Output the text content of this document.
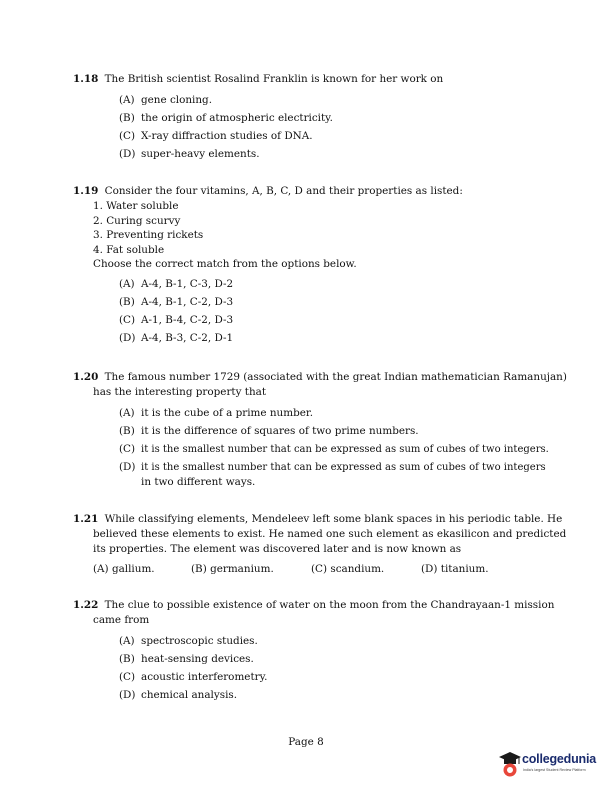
1.18 The British scientist Rosalind Franklin is known for her work on
(A) gene cloning.
(B) the origin of atmospheric electricity.
(C) X-ray diffraction studies of DNA.
(D) super-heavy elements.
1.19 Consider the four vitamins, A, B, C, D and their properties as listed:
1. Water soluble
2. Curing scurvy
3. Preventing rickets
4. Fat soluble
Choose the correct match from the options below.
(A) A-4, B-1, C-3, D-2
(B) A-4, B-1, C-2, D-3
(C) A-1, B-4, C-2, D-3
(D) A-4, B-3, C-2, D-1
1.20 The famous number 1729 (associated with the great Indian mathematician Ramanujan)
has the interesting property that
(A) it is the cube of a prime number.
(B) it is the difference of squares of two prime numbers.
(C) it is the smallest number that can be expressed as sum of cubes of two integers.
(D) it is the smallest number that can be expressed as sum of cubes of two integers
in two different ways.
1.21 While classifying elements, Mendeleev left some blank spaces in his periodic table. He
believed these elements to exist. He named one such element as ekasilicon and predicted
its properties. The element was discovered later and is now known as
(A) gallium.	(B) germanium.	(C) scandium.	(D) titanium.
1.22 The clue to possible existence of water on the moon from the Chandrayaan-1 mission
came from
(A) spectroscopic studies.
(B) heat-sensing devices.
(C) acoustic interferometry.
(D) chemical analysis.
Page 8
collegedunia
India's largest Student Review Platform
